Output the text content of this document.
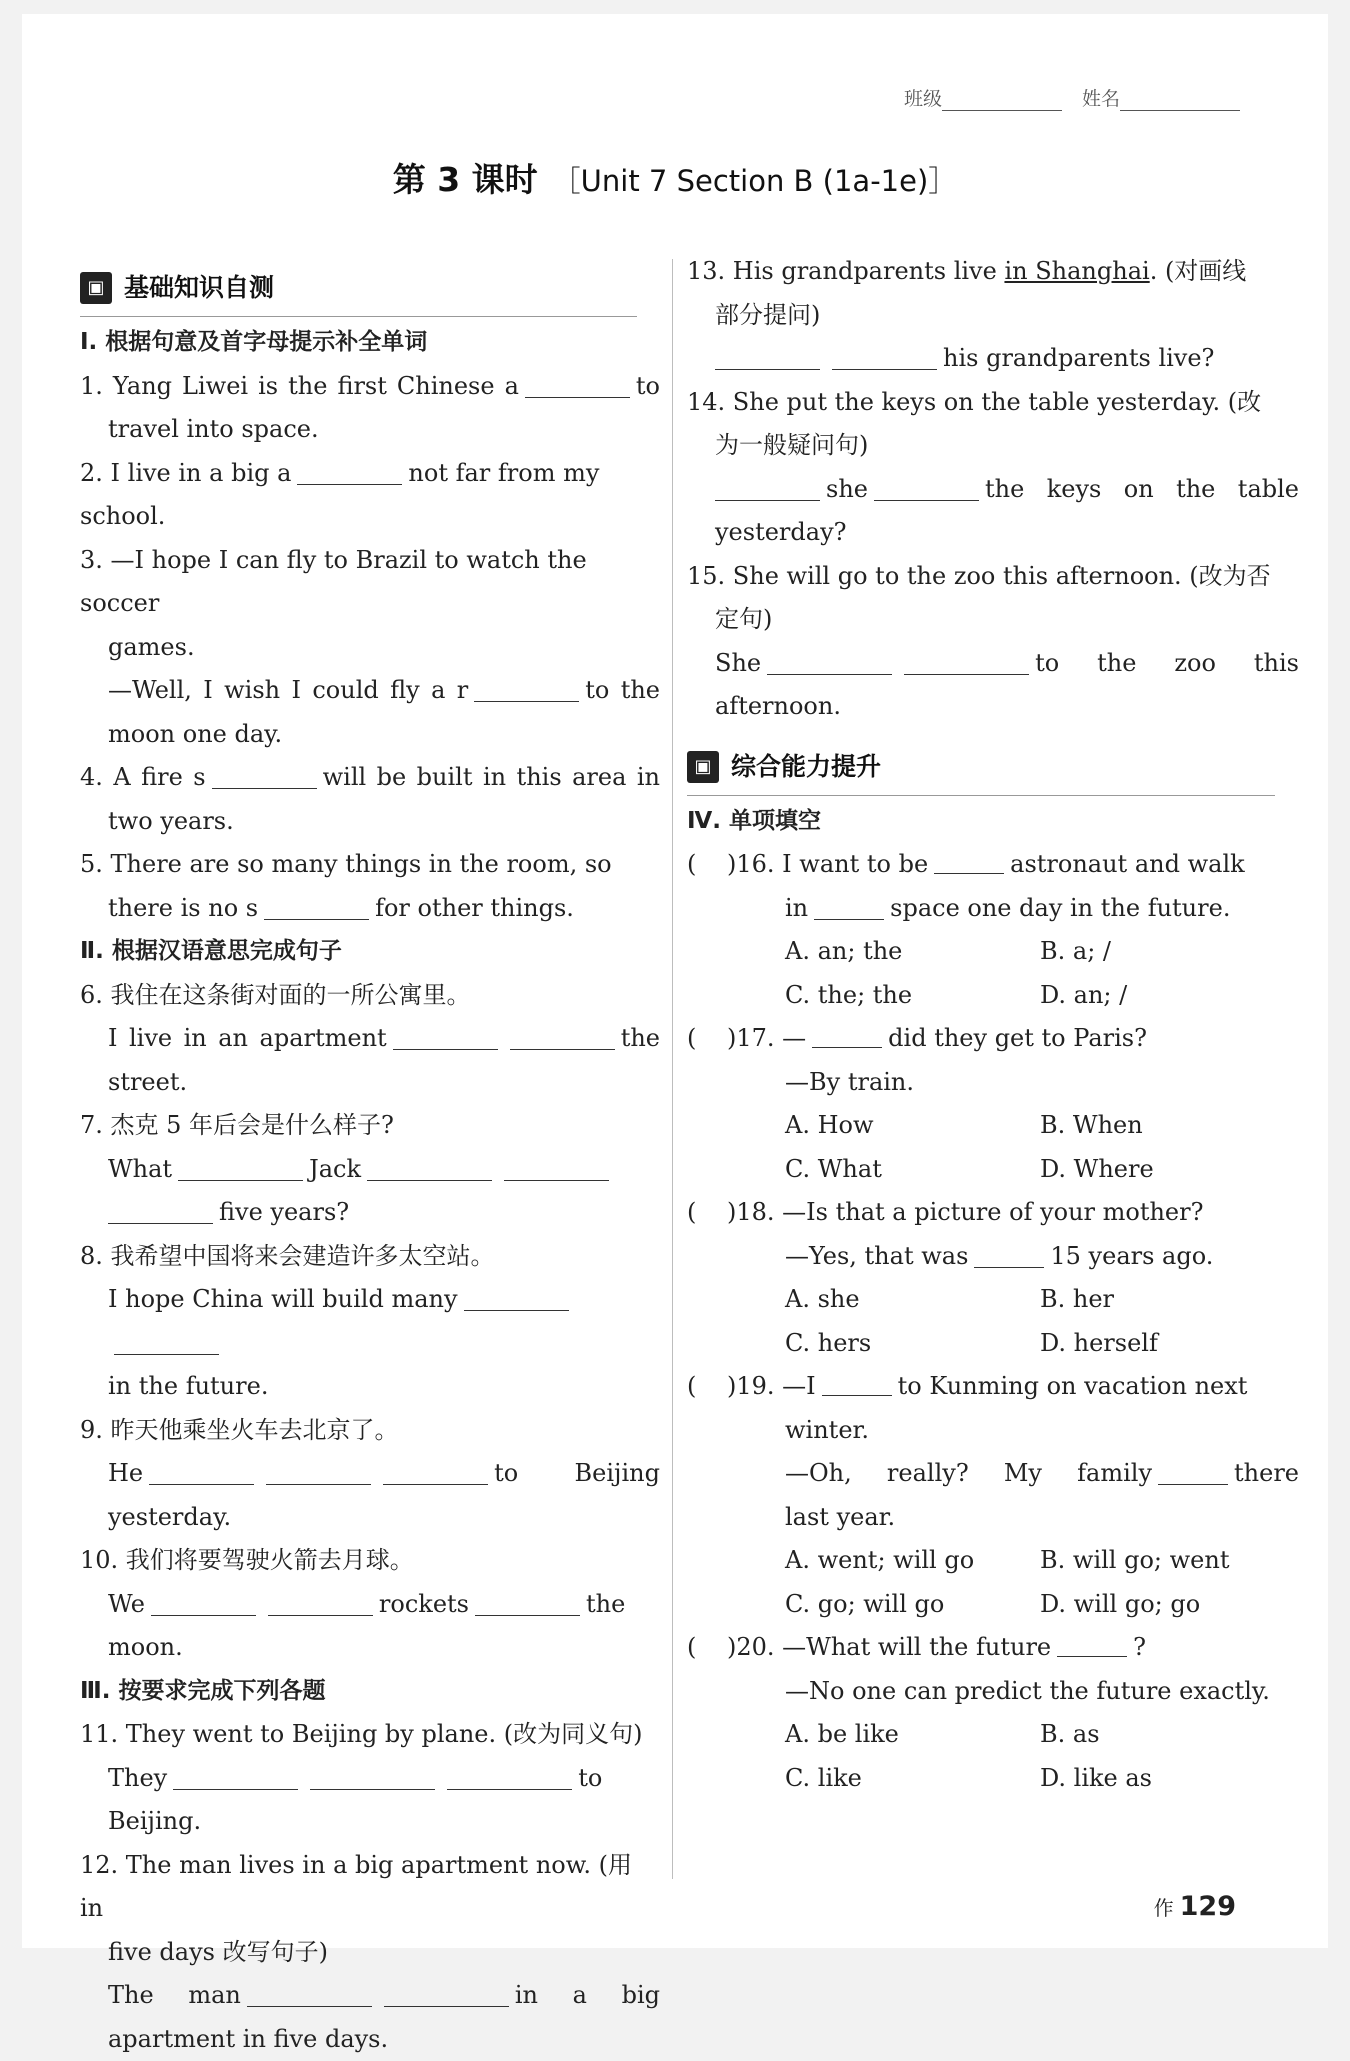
班级	姓名
第 3 课时 ［Unit 7 Section B (1a-1e)］
▣ 基础知识自测
Ⅰ. 根据句意及首字母提示补全单词
1. Yang Liwei is the first Chinese a	to
travel into space.
2. I live in a big a	not far from my school.
3. —I hope I can fly to Brazil to watch the soccer
games.
—Well, I wish I could fly a r	to the
moon one day.
4. A fire s	will be built in this area in
two years.
5. There are so many things in the room, so
there is no s	for other things.
Ⅱ. 根据汉语意思完成句子
6. 我住在这条街对面的一所公寓里。
I live in an apartment	the
street.
7. 杰克 5 年后会是什么样子?
What	Jack
five years?
8. 我希望中国将来会建造许多太空站。
I hope China will build many
in the future.
9. 昨天他乘坐火车去北京了。
He	to Beijing
yesterday.
10. 我们将要驾驶火箭去月球。
We	rockets	the
moon.
Ⅲ. 按要求完成下列各题
11. They went to Beijing by plane. (改为同义句)
They	to
Beijing.
12. The man lives in a big apartment now. (用 in
five days 改写句子)
The man	in a big
apartment in five days.
13. His grandparents live in Shanghai. (对画线
部分提问)
his grandparents live?
14. She put the keys on the table yesterday. (改
为一般疑问句)
she	the keys on the table
yesterday?
15. She will go to the zoo this afternoon. (改为否
定句)
She	to the zoo this
afternoon.
▣ 综合能力提升
Ⅳ. 单项填空
(	)16. I want to be	astronaut and walk
in	space one day in the future.
A. an; the	B. a; /
C. the; the	D. an; /
(	)17. —	did they get to Paris?
—By train.
A. How	B. When
C. What	D. Where
(	)18. —Is that a picture of your mother?
—Yes, that was	15 years ago.
A. she	B. her
C. hers	D. herself
(	)19. —I	to Kunming on vacation next
winter.
—Oh, really? My family	there
last year.
A. went; will go	B. will go; went
C. go; will go	D. will go; go
(	)20. —What will the future	?
—No one can predict the future exactly.
A. be like	B. as
C. like	D. like as
作 129
